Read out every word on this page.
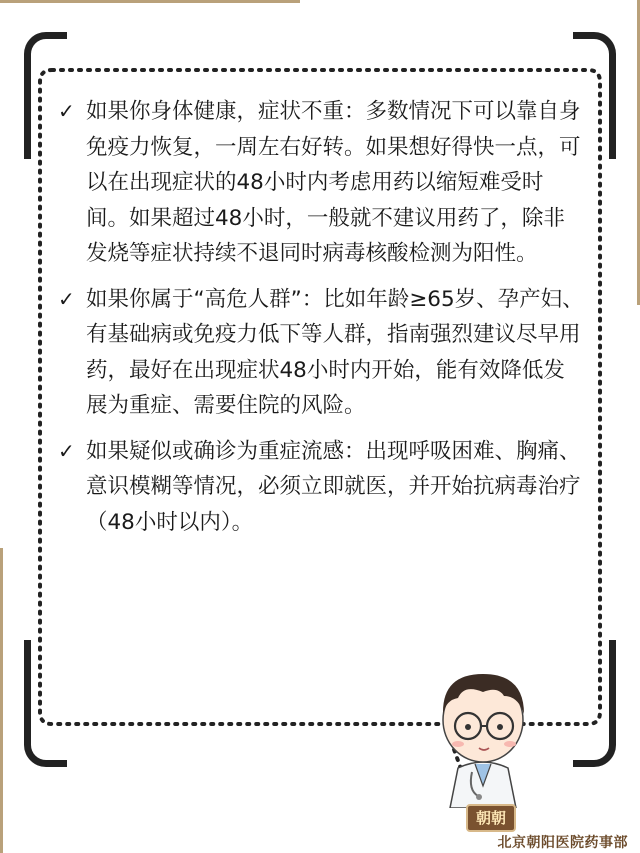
✓ 如果你身体健康，症状不重：多数情况下可以靠自身免疫力恢复，一周左右好转。如果想好得快一点，可以在出现症状的48小时内考虑用药以缩短难受时间。如果超过48小时，一般就不建议用药了，除非发烧等症状持续不退同时病毒核酸检测为阳性。
✓ 如果你属于“高危人群”：比如年龄≥65岁、孕产妇、有基础病或免疫力低下等人群，指南强烈建议尽早用药，最好在出现症状48小时内开始，能有效降低发展为重症、需要住院的风险。
✓ 如果疑似或确诊为重症流感：出现呼吸困难、胸痛、意识模糊等情况，必须立即就医，并开始抗病毒治疗（48小时以内）。
朝朝
北京朝阳医院药事部
